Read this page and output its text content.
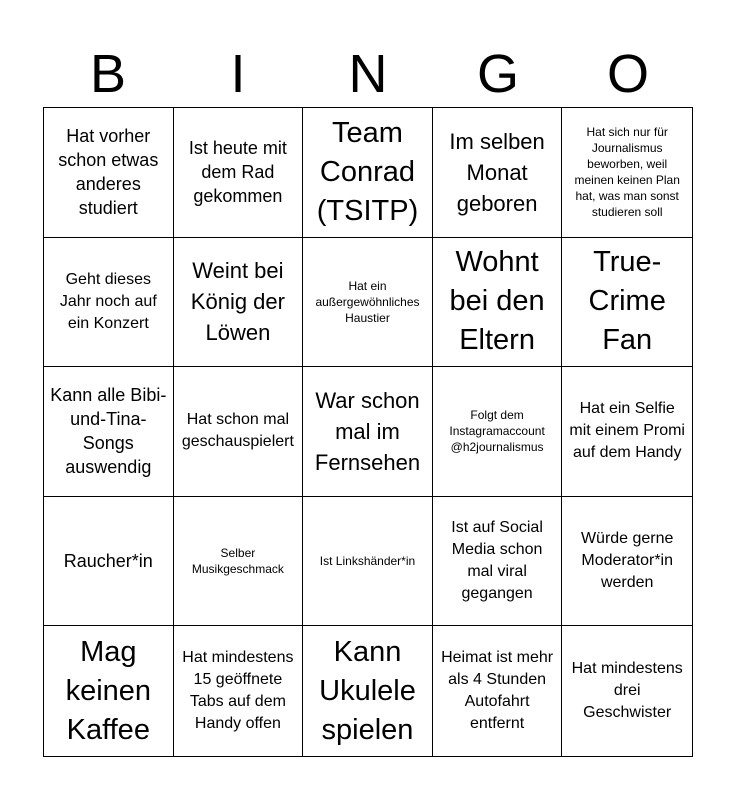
B	I	N	G	O
Hat vorher schon etwas anderes studiert
Ist heute mit dem Rad gekommen
Team Conrad (TSITP)
Im selben Monat geboren
Hat sich nur für Journalismus beworben, weil meinen keinen Plan hat, was man sonst studieren soll
Geht dieses Jahr noch auf ein Konzert
Weint bei König der Löwen
Hat ein außergewöhnliches Haustier
Wohnt bei den Eltern
True-Crime Fan
Kann alle Bibi-und-Tina-Songs auswendig
Hat schon mal geschauspielert
War schon mal im Fernsehen
Folgt dem Instagramaccount @h2journalismus
Hat ein Selfie mit einem Promi auf dem Handy
Raucher*in	Selber Musikgeschmack
Ist Linkshänder*in
Ist auf Social Media schon mal viral gegangen
Würde gerne Moderator*in werden
Mag keinen Kaffee
Hat mindestens 15 geöffnete Tabs auf dem Handy offen
Kann Ukulele spielen
Heimat ist mehr als 4 Stunden Autofahrt entfernt
Hat mindestens drei Geschwister
